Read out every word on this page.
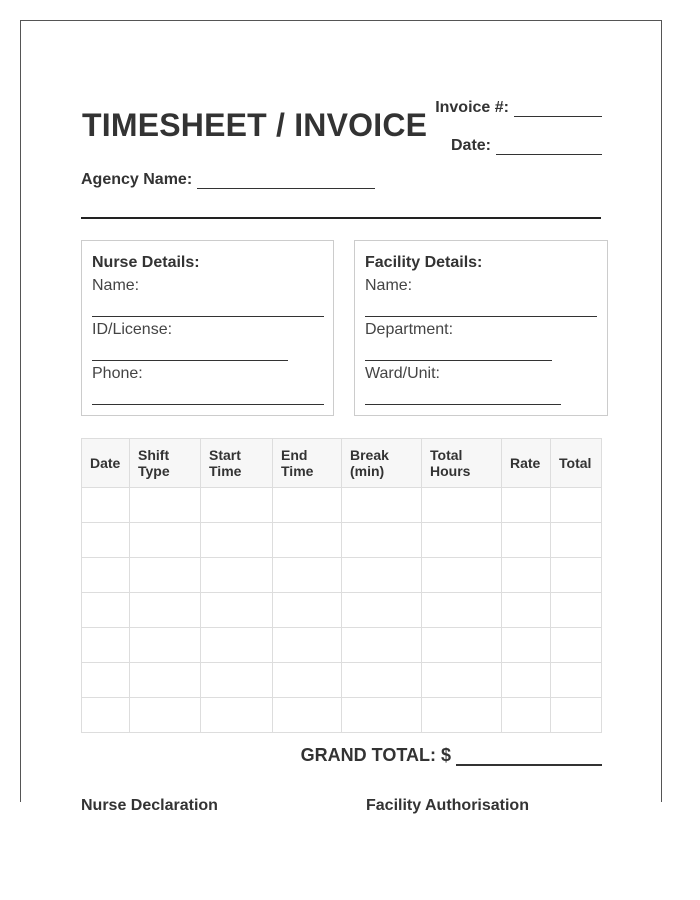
TIMESHEET / INVOICE Invoice #:
Date:
Agency Name:
Nurse Details:
Name:
ID/License:
Phone:
Facility Details:
Name:
Department:
Ward/Unit:
Date	Shift Type	Start Time	End Time	Break (min)	Total Hours	Rate	Total

GRAND TOTAL: $
Nurse Declaration	Facility Authorisation
